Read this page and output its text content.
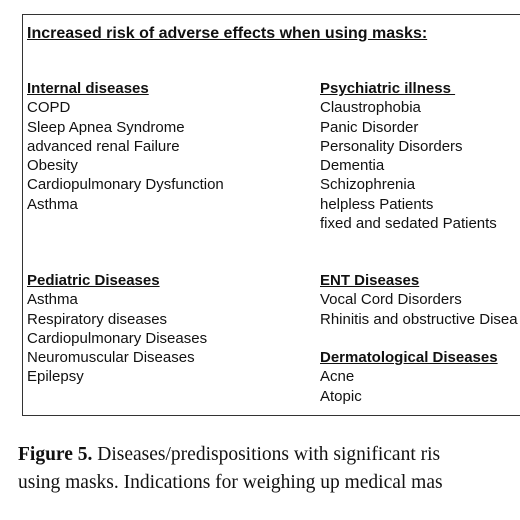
Increased risk of adverse effects when using masks:
Internal diseases
COPD
Sleep Apnea Syndrome
advanced renal Failure
Obesity
Cardiopulmonary Dysfunction
Asthma
Psychiatric illness
Claustrophobia
Panic Disorder
Personality Disorders
Dementia
Schizophrenia
helpless Patients
fixed and sedated Patients
Pediatric Diseases
Asthma
Respiratory diseases
Cardiopulmonary Diseases
Neuromuscular Diseases
Epilepsy
ENT Diseases
Vocal Cord Disorders
Rhinitis and obstructive Disea
Dermatological Diseases
Acne
Atopic
Figure 5. Diseases/predispositions with significant ris
using masks. Indications for weighing up medical mas
